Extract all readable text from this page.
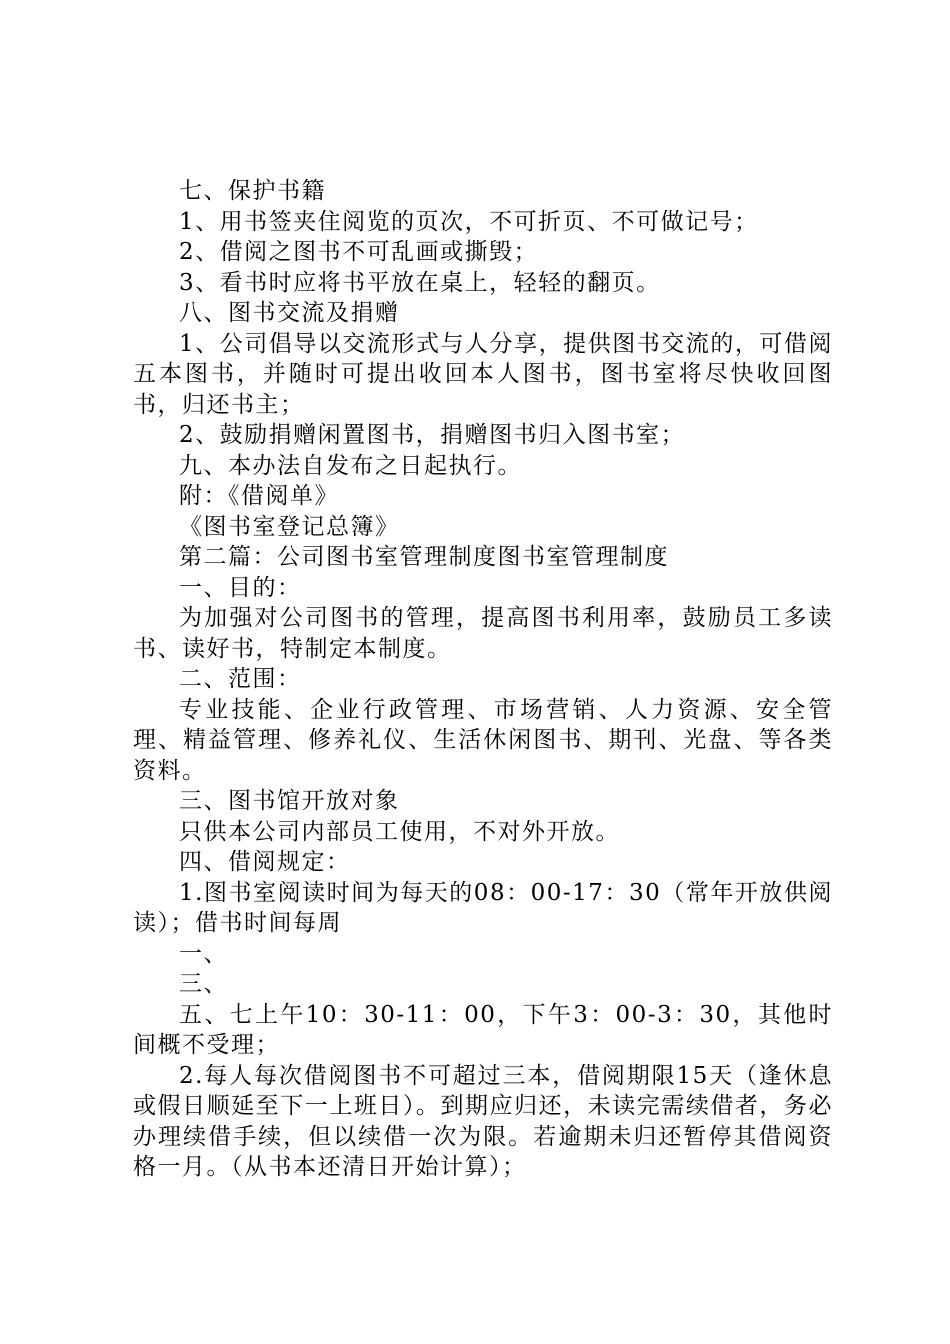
七、保护书籍

1、用书签夹住阅览的页次，不可折页、不可做记号；

2、借阅之图书不可乱画或撕毁；

3、看书时应将书平放在桌上，轻轻的翻页。

八、图书交流及捐赠

1、公司倡导以交流形式与人分享，提供图书交流的，可借阅五本图书，并随时可提出收回本人图书，图书室将尽快收回图书，归还书主；

2、鼓励捐赠闲置图书，捐赠图书归入图书室；

九、本办法自发布之日起执行。

附：《借阅单》

《图书室登记总簿》

第二篇：公司图书室管理制度图书室管理制度

一、目的：

为加强对公司图书的管理，提高图书利用率，鼓励员工多读书、读好书，特制定本制度。

二、范围：

专业技能、企业行政管理、市场营销、人力资源、安全管理、精益管理、修养礼仪、生活休闲图书、期刊、光盘、等各类资料。

三、图书馆开放对象

只供本公司内部员工使用，不对外开放。

四、借阅规定：

1.图书室阅读时间为每天的08：00-17：30（常年开放供阅读）；借书时间每周

一、

三、

五、七上午10：30-11：00，下午3：00-3：30，其他时间概不受理；

2.每人每次借阅图书不可超过三本，借阅期限15天（逢休息或假日顺延至下一上班日）。到期应归还，未读完需续借者，务必办理续借手续，但以续借一次为限。若逾期未归还暂停其借阅资格一月。（从书本还清日开始计算）；
